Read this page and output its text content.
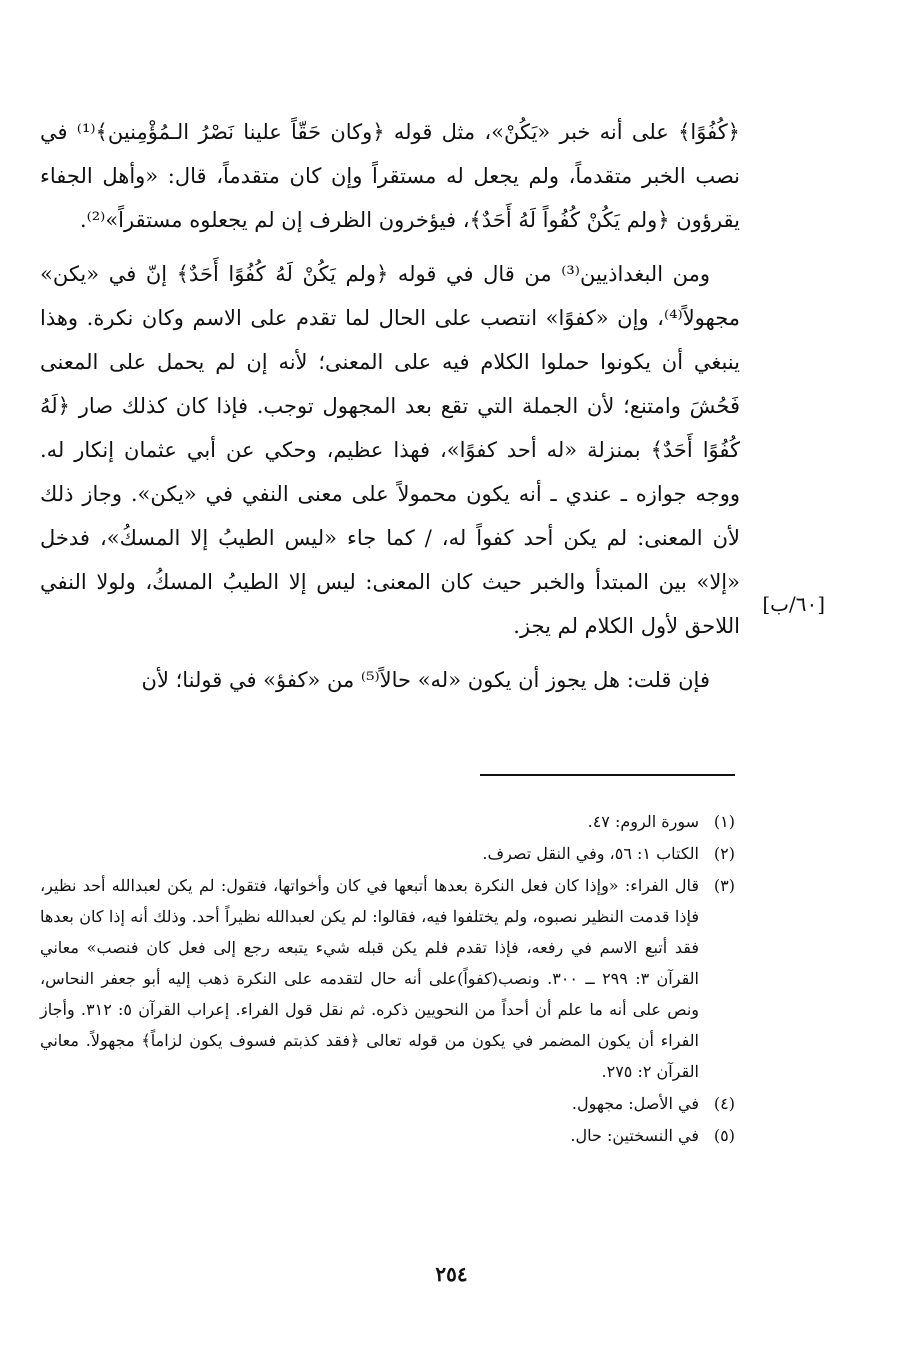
﴿كُفُوًا﴾ على أنه خبر «يَكُنْ»، مثل قوله ﴿وكان حَقّاً علينا نَصْرُ الـمُؤْمِنين﴾⁽¹⁾ في نصب الخبر متقدماً، ولم يجعل له مستقراً وإن كان متقدماً، قال: «وأهل الجفاء يقرؤون ﴿ولم يَكُنْ كُفُواً لَهُ أَحَدٌ﴾، فيؤخرون الظرف إن لم يجعلوه مستقراً»⁽²⁾.

ومن البغداذيين⁽³⁾ من قال في قوله ﴿ولم يَكُنْ لَهُ كُفُوًا أَحَدٌ﴾ إنّ في «يكن» مجهولاً⁽⁴⁾، وإن «كفوًا» انتصب على الحال لما تقدم على الاسم وكان نكرة. وهذا ينبغي أن يكونوا حملوا الكلام فيه على المعنى؛ لأنه إن لم يحمل على المعنى فَحُشَ وامتنع؛ لأن الجملة التي تقع بعد المجهول توجب. فإذا كان كذلك صار ﴿لَهُ كُفُوًا أَحَدٌ﴾ بمنزلة «له أحد كفوًا»، فهذا عظيم، وحكي عن أبي عثمان إنكار له. ووجه جوازه ـ عندي ـ أنه يكون محمولاً على معنى النفي في «يكن». وجاز ذلك لأن المعنى: لم يكن أحد كفواً له، / كما جاء «ليس الطيبُ إلا المسكُ»، فدخل «إلا» بين المبتدأ والخبر حيث كان المعنى: ليس إلا الطيبُ المسكُ، ولولا النفي اللاحق لأول الكلام لم يجز.

فإن قلت: هل يجوز أن يكون «له» حالاً⁽⁵⁾ من «كفؤ» في قولنا؛ لأن

[٦٠/ب]
(١)
سورة الروم: ٤٧.
(٢)
الكتاب ١: ٥٦، وفي النقل تصرف.
(٣)
قال الفراء: «وإذا كان فعل النكرة بعدها أتبعها في كان وأخواتها، فتقول: لم يكن لعبدالله أحد نظير، فإذا قدمت النظير نصبوه، ولم يختلفوا فيه، فقالوا: لم يكن لعبدالله نظيراً أحد. وذلك أنه إذا كان بعدها فقد أتبع الاسم في رفعه، فإذا تقدم فلم يكن قبله شيء يتبعه رجع إلى فعل كان فنصب» معاني القرآن ٣: ٢٩٩ ــ ٣٠٠. ونصب(كفواً)على أنه حال لتقدمه على النكرة ذهب إليه أبو جعفر النحاس، ونص على أنه ما علم أن أحداً من النحويين ذكره. ثم نقل قول الفراء. إعراب القرآن ٥: ٣١٢. وأجاز الفراء أن يكون المضمر في يكون من قوله تعالى ﴿فقد كذبتم فسوف يكون لزاماً﴾ مجهولاً. معاني القرآن ٢: ٢٧٥.
(٤)
في الأصل: مجهول.
(٥)
في النسختين: حال.
٢٥٤
